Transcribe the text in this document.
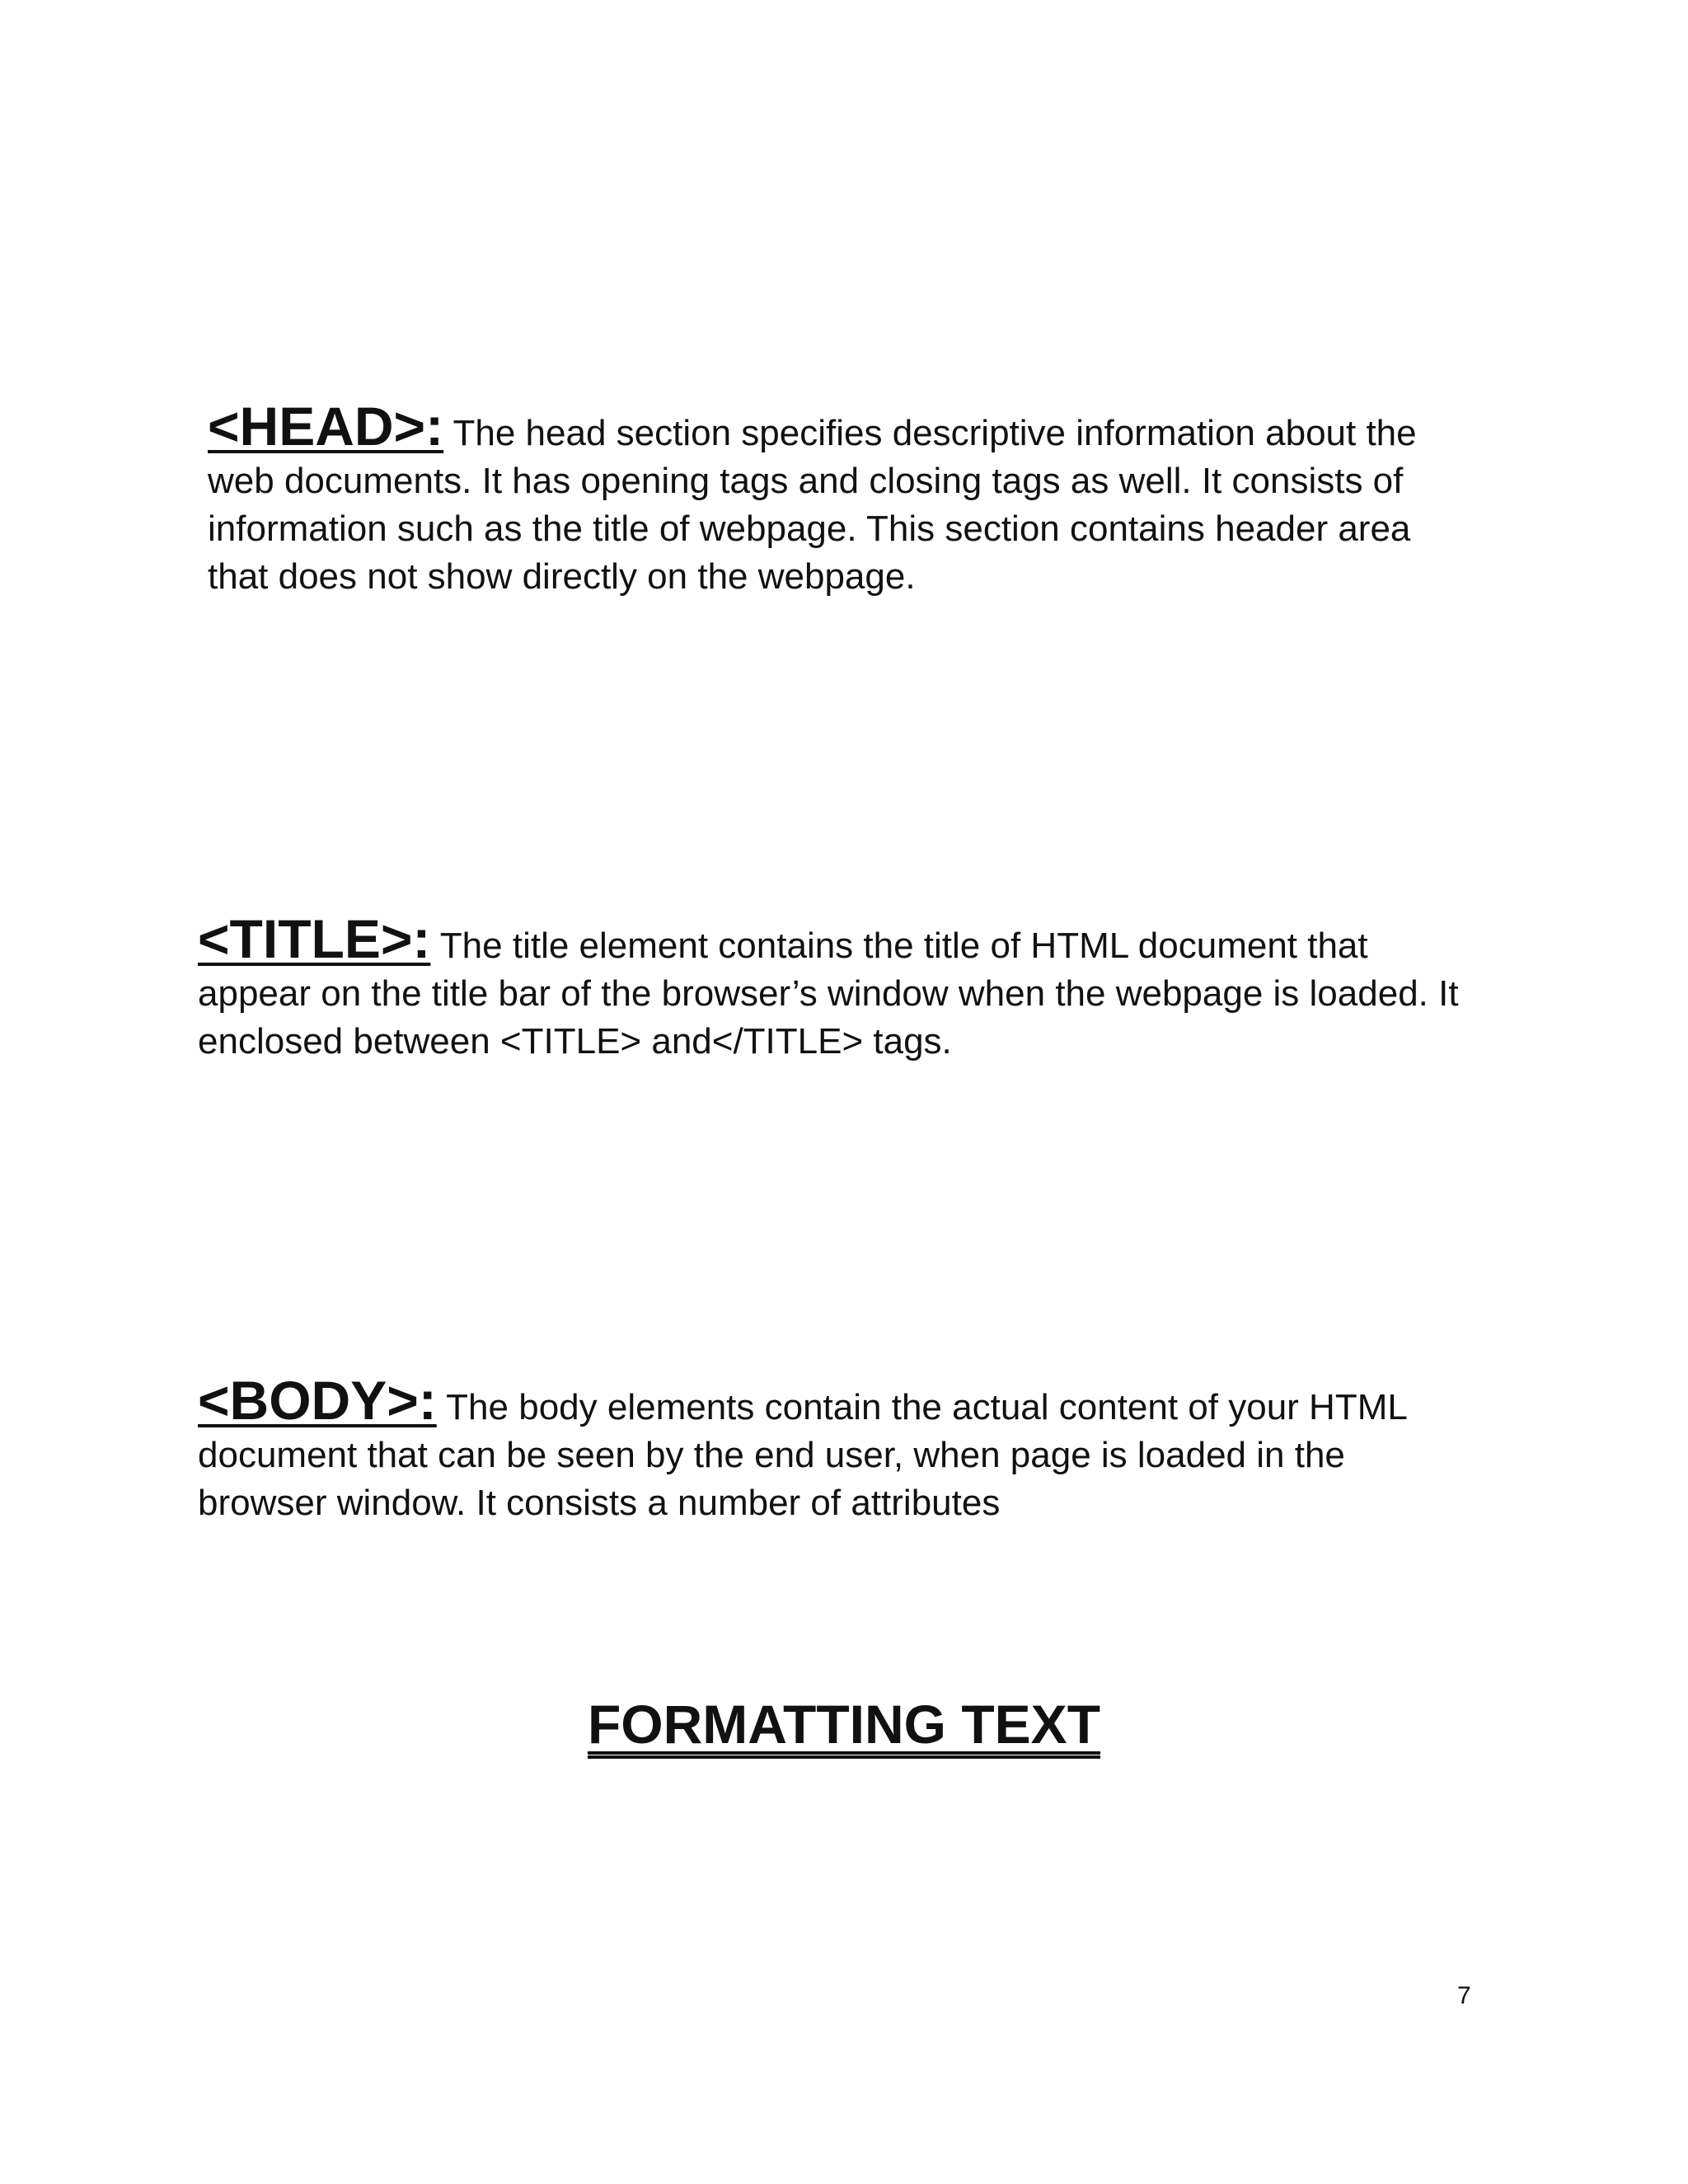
<HEAD>: The head section specifies descriptive information about the web documents. It has opening tags and closing tags as well. It consists of information such as the title of webpage. This section contains header area that does not show directly on the webpage.

<TITLE>: The title element contains the title of HTML document that appear on the title bar of the browser’s window when the webpage is loaded. It enclosed between <TITLE> and</TITLE> tags.

<BODY>: The body elements contain the actual content of your HTML document that can be seen by the end user, when page is loaded in the browser window. It consists a number of attributes

FORMATTING TEXT
7
